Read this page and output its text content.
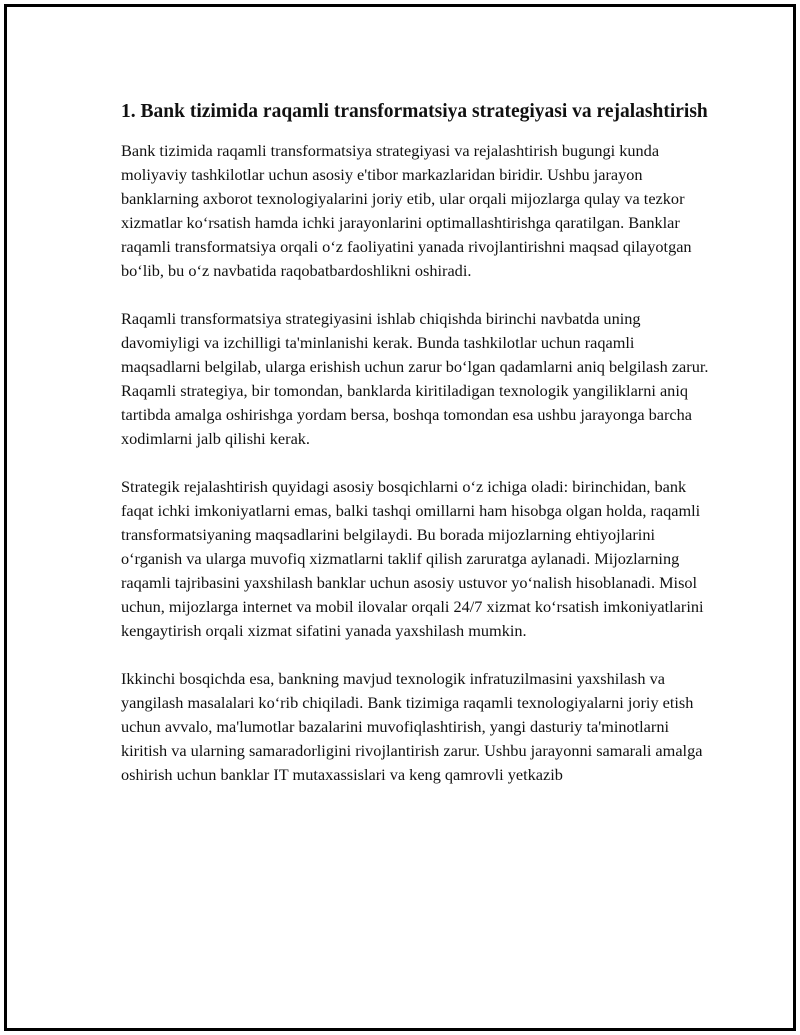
1. Bank tizimida raqamli transformatsiya strategiyasi va rejalashtirish

Bank tizimida raqamli transformatsiya strategiyasi va rejalashtirish bugungi kunda moliyaviy tashkilotlar uchun asosiy e'tibor markazlaridan biridir. Ushbu jarayon banklarning axborot texnologiyalarini joriy etib, ular orqali mijozlarga qulay va tezkor xizmatlar ko‘rsatish hamda ichki jarayonlarini optimallashtirishga qaratilgan. Banklar raqamli transformatsiya orqali o‘z faoliyatini yanada rivojlantirishni maqsad qilayotgan bo‘lib, bu o‘z navbatida raqobatbardoshlikni oshiradi.

Raqamli transformatsiya strategiyasini ishlab chiqishda birinchi navbatda uning davomiyligi va izchilligi ta'minlanishi kerak. Bunda tashkilotlar uchun raqamli maqsadlarni belgilab, ularga erishish uchun zarur bo‘lgan qadamlarni aniq belgilash zarur. Raqamli strategiya, bir tomondan, banklarda kiritiladigan texnologik yangiliklarni aniq tartibda amalga oshirishga yordam bersa, boshqa tomondan esa ushbu jarayonga barcha xodimlarni jalb qilishi kerak.

Strategik rejalashtirish quyidagi asosiy bosqichlarni o‘z ichiga oladi: birinchidan, bank faqat ichki imkoniyatlarni emas, balki tashqi omillarni ham hisobga olgan holda, raqamli transformatsiyaning maqsadlarini belgilaydi. Bu borada mijozlarning ehtiyojlarini o‘rganish va ularga muvofiq xizmatlarni taklif qilish zaruratga aylanadi. Mijozlarning raqamli tajribasini yaxshilash banklar uchun asosiy ustuvor yo‘nalish hisoblanadi. Misol uchun, mijozlarga internet va mobil ilovalar orqali 24/7 xizmat ko‘rsatish imkoniyatlarini kengaytirish orqali xizmat sifatini yanada yaxshilash mumkin.

Ikkinchi bosqichda esa, bankning mavjud texnologik infratuzilmasini yaxshilash va yangilash masalalari ko‘rib chiqiladi. Bank tizimiga raqamli texnologiyalarni joriy etish uchun avvalo, ma'lumotlar bazalarini muvofiqlashtirish, yangi dasturiy ta'minotlarni kiritish va ularning samaradorligini rivojlantirish zarur. Ushbu jarayonni samarali amalga oshirish uchun banklar IT mutaxassislari va keng qamrovli yetkazib
